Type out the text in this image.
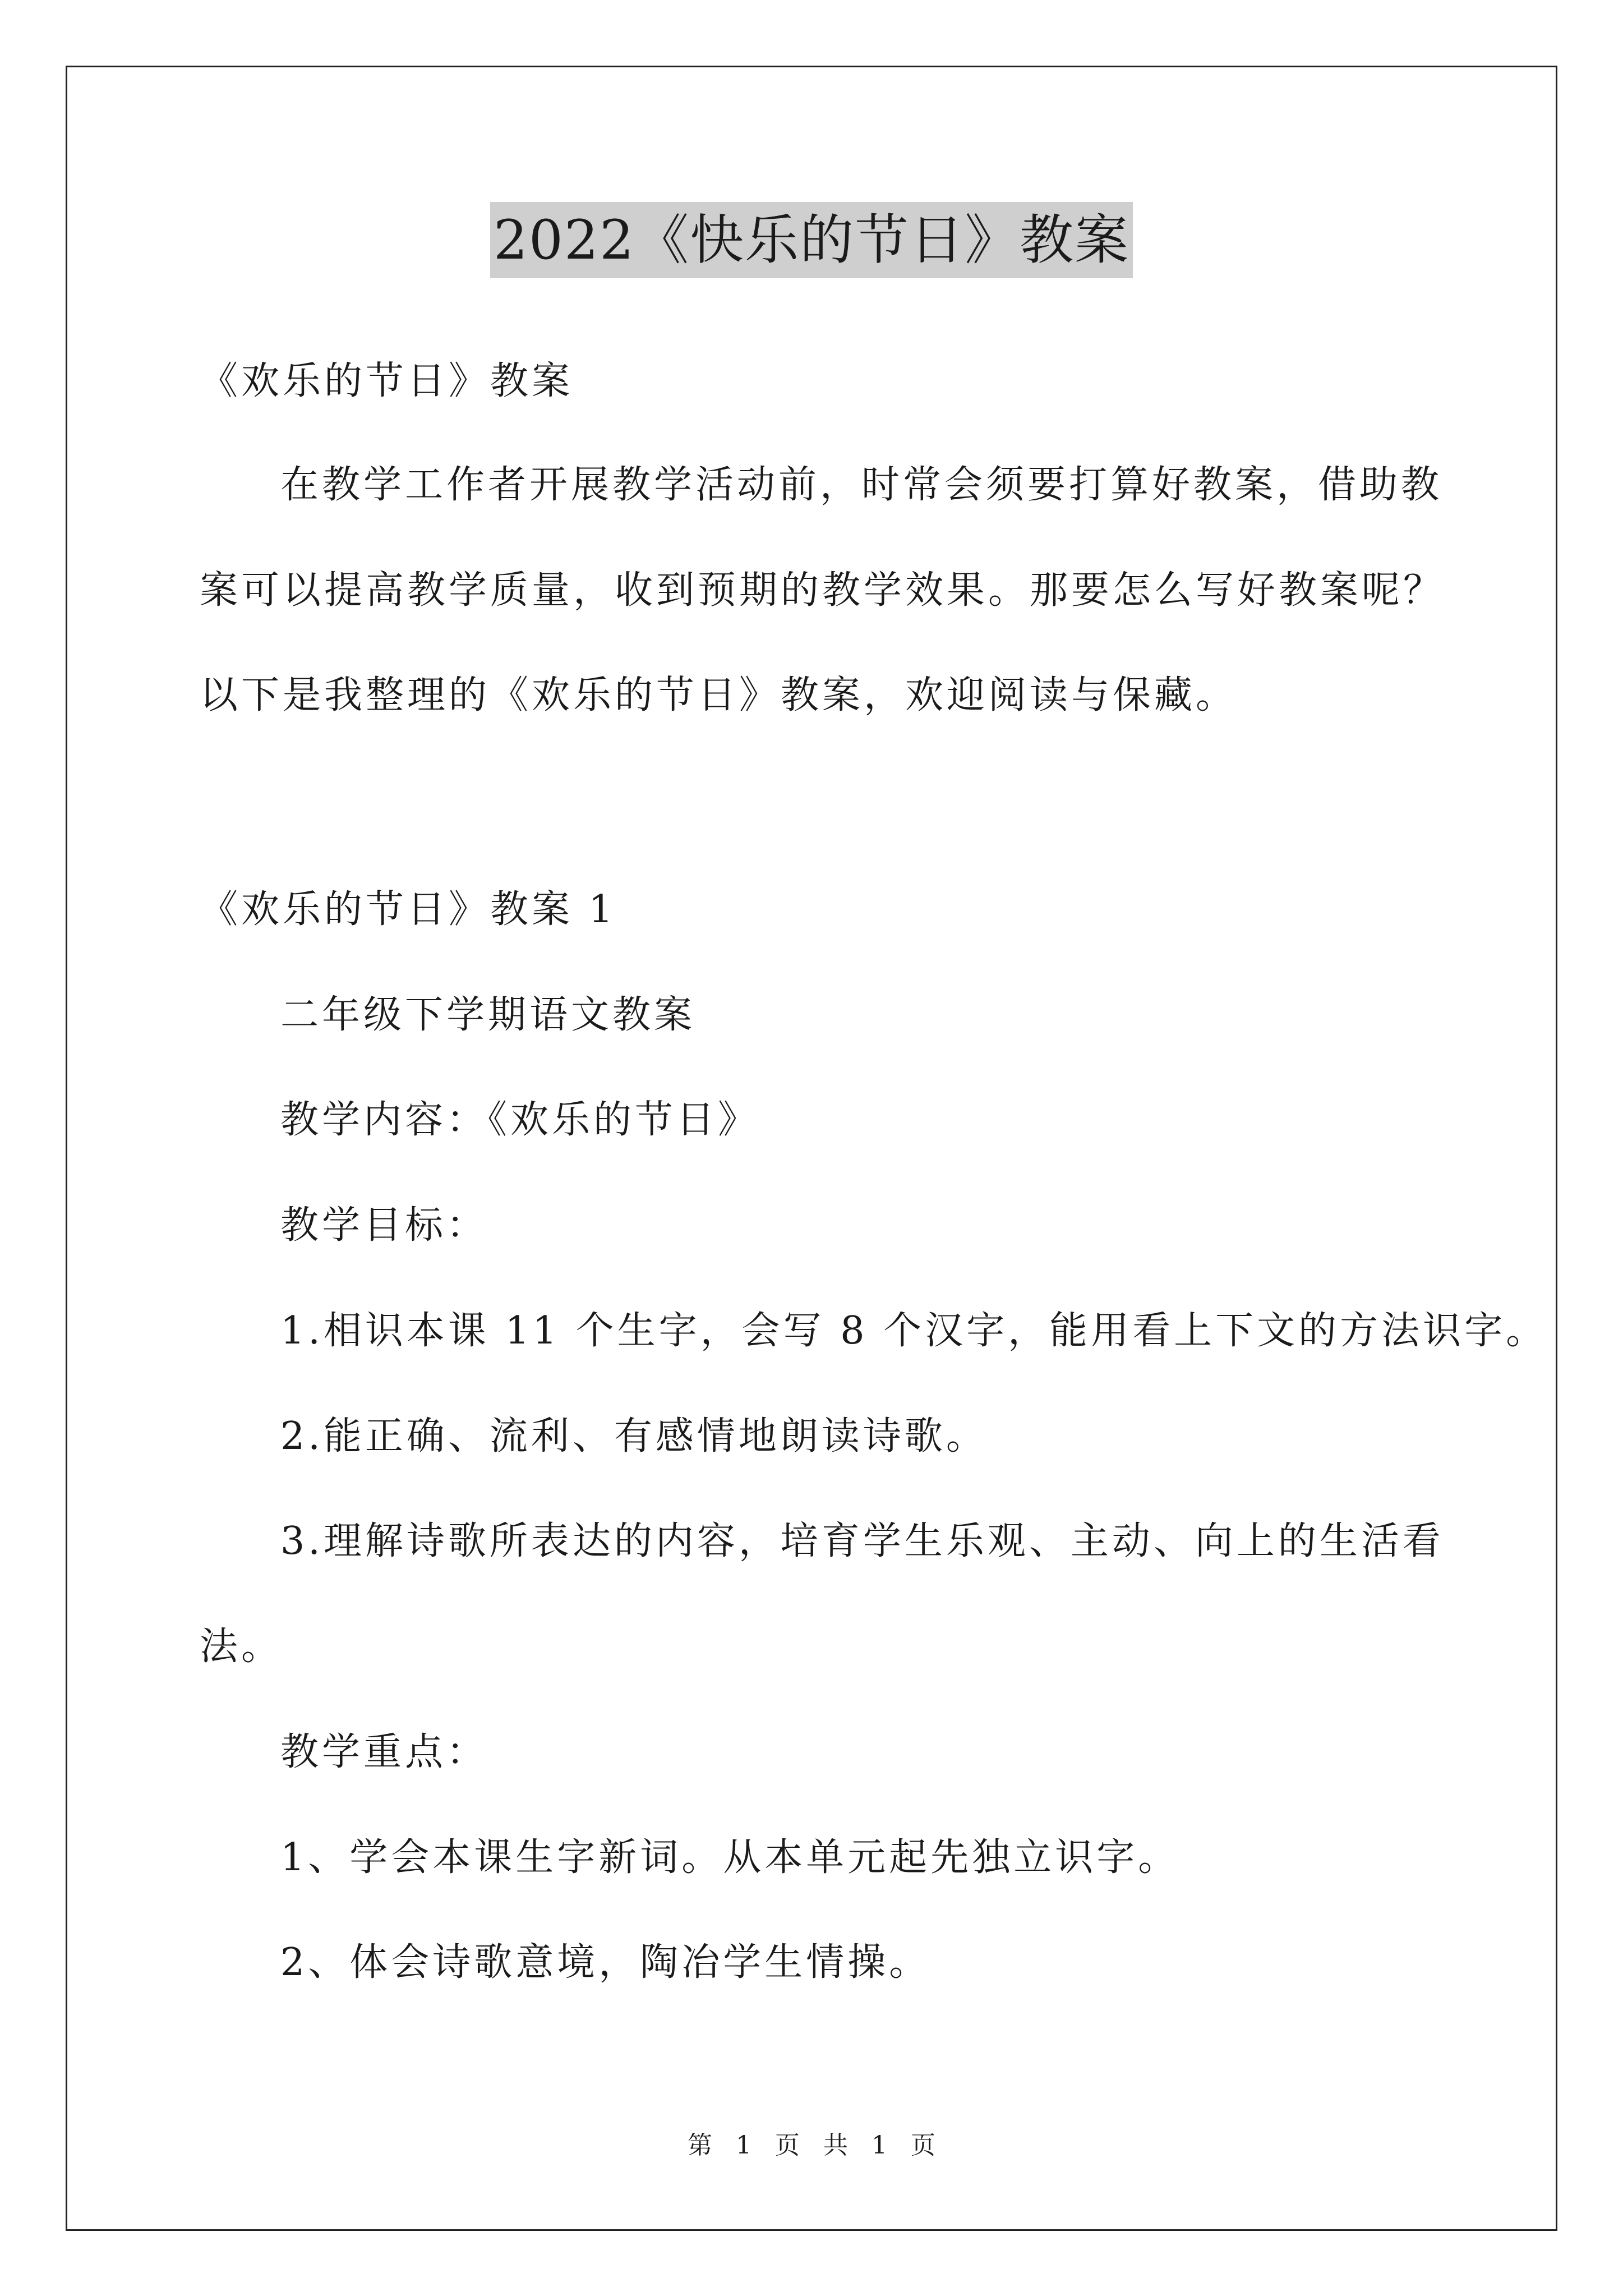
2022《快乐的节日》教案
《欢乐的节日》教案
在教学工作者开展教学活动前，时常会须要打算好教案，借助教
案可以提高教学质量，收到预期的教学效果。那要怎么写好教案呢？
以下是我整理的《欢乐的节日》教案，欢迎阅读与保藏。
《欢乐的节日》教案 1
二年级下学期语文教案
教学内容：《欢乐的节日》
教学目标：
1.相识本课 11 个生字，会写 8 个汉字，能用看上下文的方法识字。
2.能正确、流利、有感情地朗读诗歌。
3.理解诗歌所表达的内容，培育学生乐观、主动、向上的生活看
法。
教学重点：
1、学会本课生字新词。从本单元起先独立识字。
2、体会诗歌意境，陶冶学生情操。
第 1 页 共 1 页
